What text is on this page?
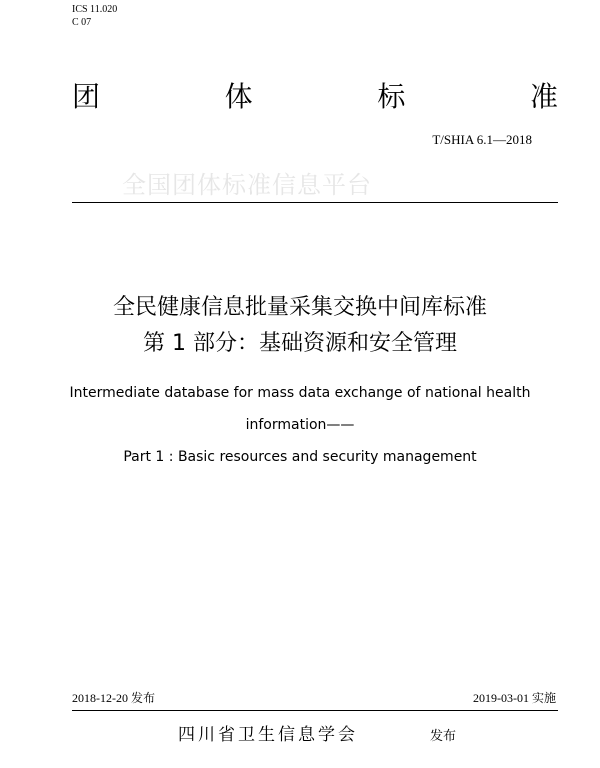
ICS 11.020
C 07
团	体	标	准
T/SHIA 6.1—2018
全国团体标准信息平台
全民健康信息批量采集交换中间库标准
第 1 部分：基础资源和安全管理
Intermediate database for mass data exchange of national health
information——
Part 1 : Basic resources and security management
2018-12-20 发布	2019-03-01 实施
四川省卫生信息学会	发布
